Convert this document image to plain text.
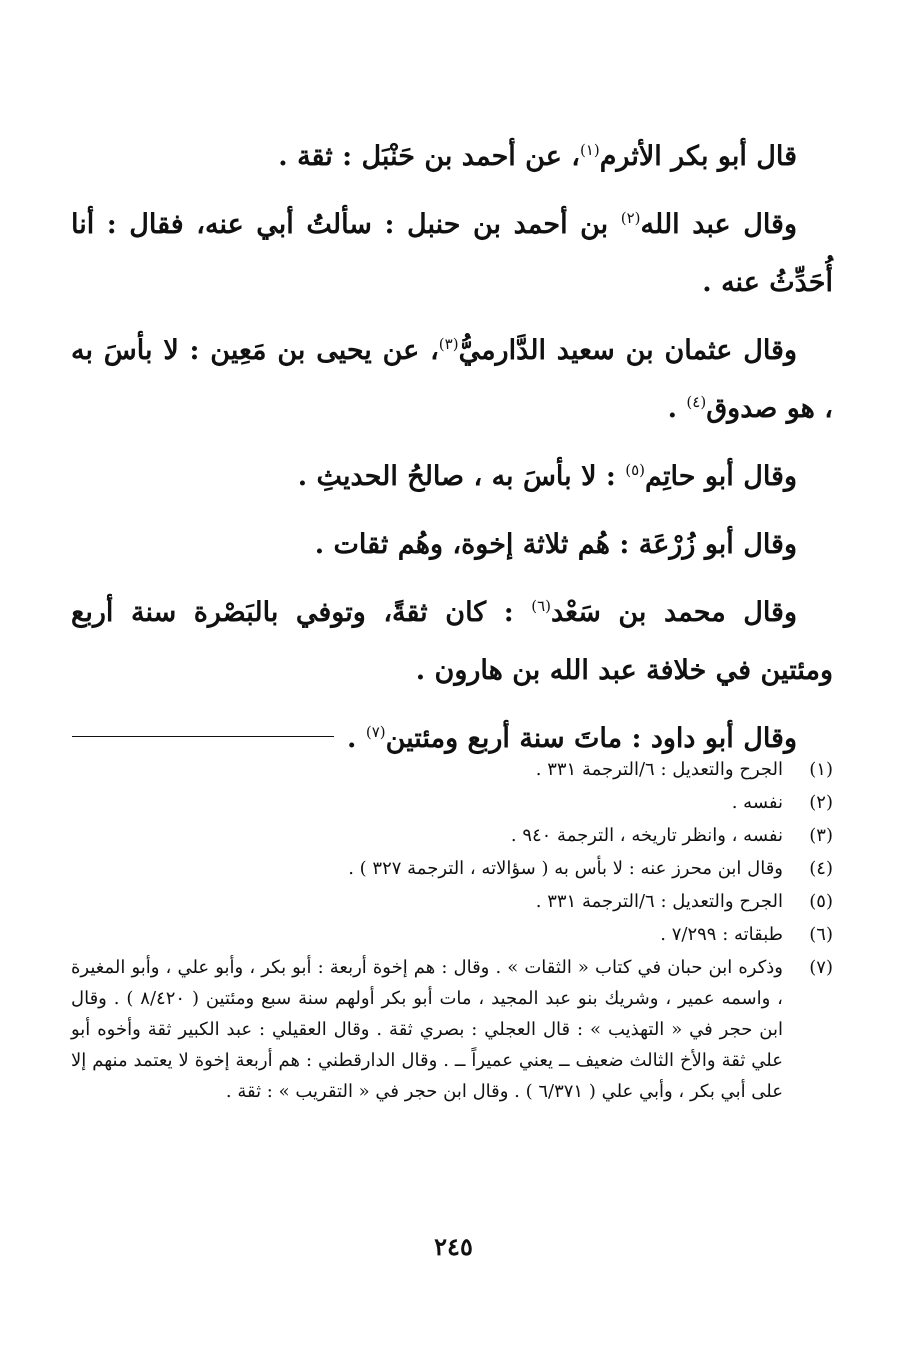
قال أبو بكر الأثرم$^{(١)}$، عن أحمد بن حَنْبَل : ثقة .

وقال عبد الله$^{(٢)}$ بن أحمد بن حنبل : سألتُ أبي عنه، فقال : أنا أُحَدِّثُ عنه .

وقال عثمان بن سعيد الدَّارميُّ$^{(٣)}$، عن يحيى بن مَعِين : لا بأسَ به ، هو صدوق$^{(٤)}$ .

وقال أبو حاتِم$^{(٥)}$ : لا بأسَ به ، صالحُ الحديثِ .

وقال أبو زُرْعَة : هُم ثلاثة إخوة، وهُم ثقات .

وقال محمد بن سَعْد$^{(٦)}$ : كان ثقةً، وتوفي بالبَصْرة سنة أربع ومئتين في خلافة عبد الله بن هارون .

وقال أبو داود : ماتَ سنة أربع ومئتين$^{(٧)}$ .

(١)
الجرح والتعديل : ٦/الترجمة ٣٣١ .
(٢)
نفسه .
(٣)
نفسه ، وانظر تاريخه ، الترجمة ٩٤٠ .
(٤)
وقال ابن محرز عنه : لا بأس به ( سؤالاته ، الترجمة ٣٢٧ ) .
(٥)
الجرح والتعديل : ٦/الترجمة ٣٣١ .
(٦)
طبقاته : ٧/٢٩٩ .
(٧)
وذكره ابن حبان في كتاب « الثقات » . وقال : هم إخوة أربعة : أبو بكر ، وأبو علي ، وأبو المغيرة ، واسمه عمير ، وشريك بنو عبد المجيد ، مات أبو بكر أولهم سنة سبع ومئتين ( ٨/٤٢٠ ) . وقال ابن حجر في « التهذيب » : قال العجلي : بصري ثقة . وقال العقيلي : عبد الكبير ثقة وأخوه أبو علي ثقة والأخ الثالث ضعيف ــ يعني عميراً ــ . وقال الدارقطني : هم أربعة إخوة لا يعتمد منهم إلا على أبي بكر ، وأبي علي ( ٦/٣٧١ ) . وقال ابن حجر في « التقريب » : ثقة .
٢٤٥
